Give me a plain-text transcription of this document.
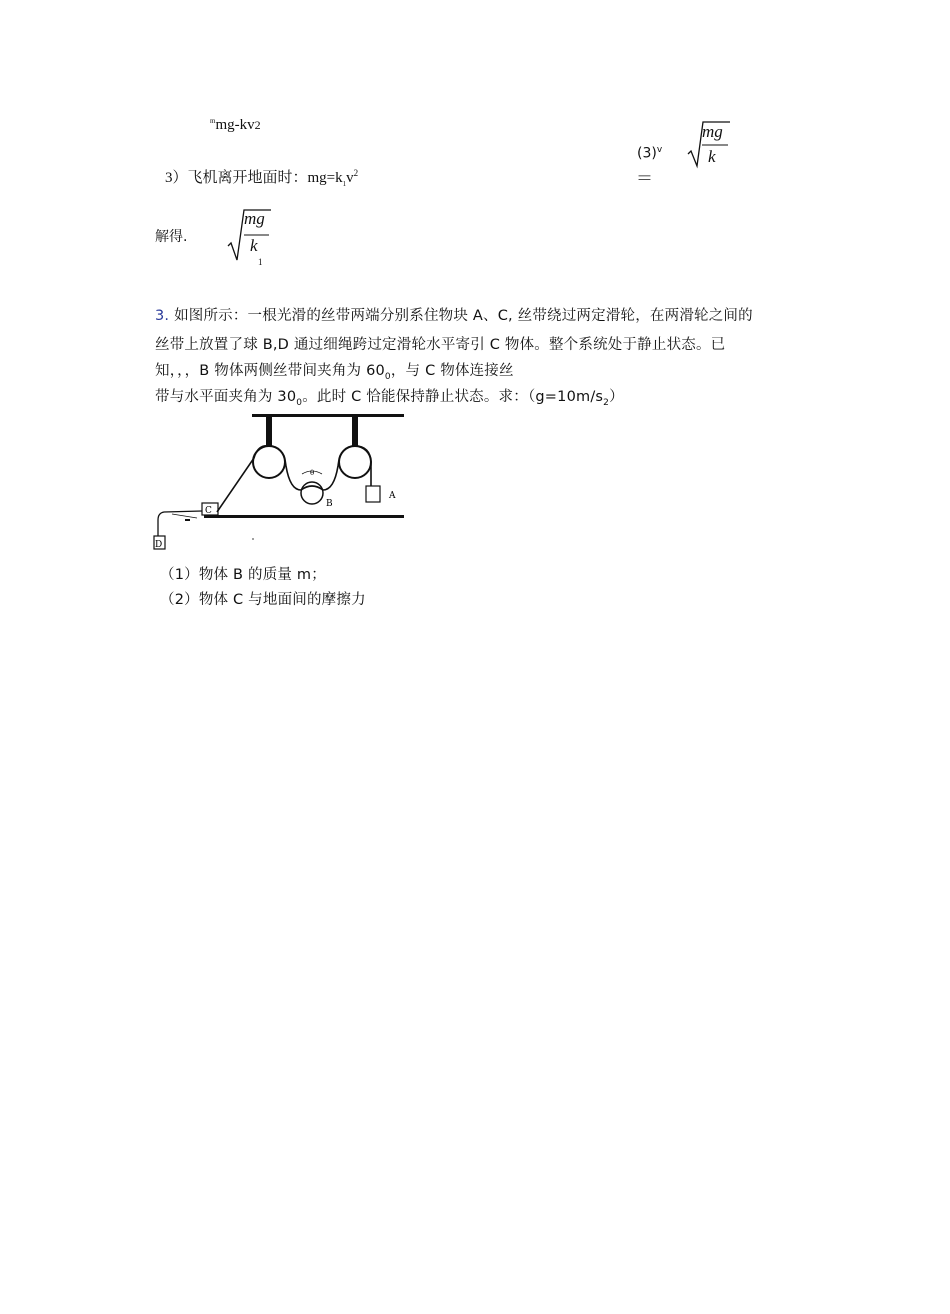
$^m$mg-kv2
3）飞机离开地面时：$mg=k_1v^2$
$(3)^v$
＝
mg
k
解得.
mg
k
1
3. 如图所示：一根光滑的丝带两端分别系住物块 A、C, 丝带绕过两定滑轮，在两滑轮之间的
丝带上放置了球 B,D 通过细绳跨过定滑轮水平寄引 C 物体。整个系统处于静止状态。已
知，，，B 物体两侧丝带间夹角为 $60_0$，与 C 物体连接丝
带与水平面夹角为 $30_0$。此时 C 恰能保持静止状态。求：$(g=10m/s_2)$
θ
A
B
C
D
（1）物体 B 的质量 m；
（2）物体 C 与地面间的摩擦力
